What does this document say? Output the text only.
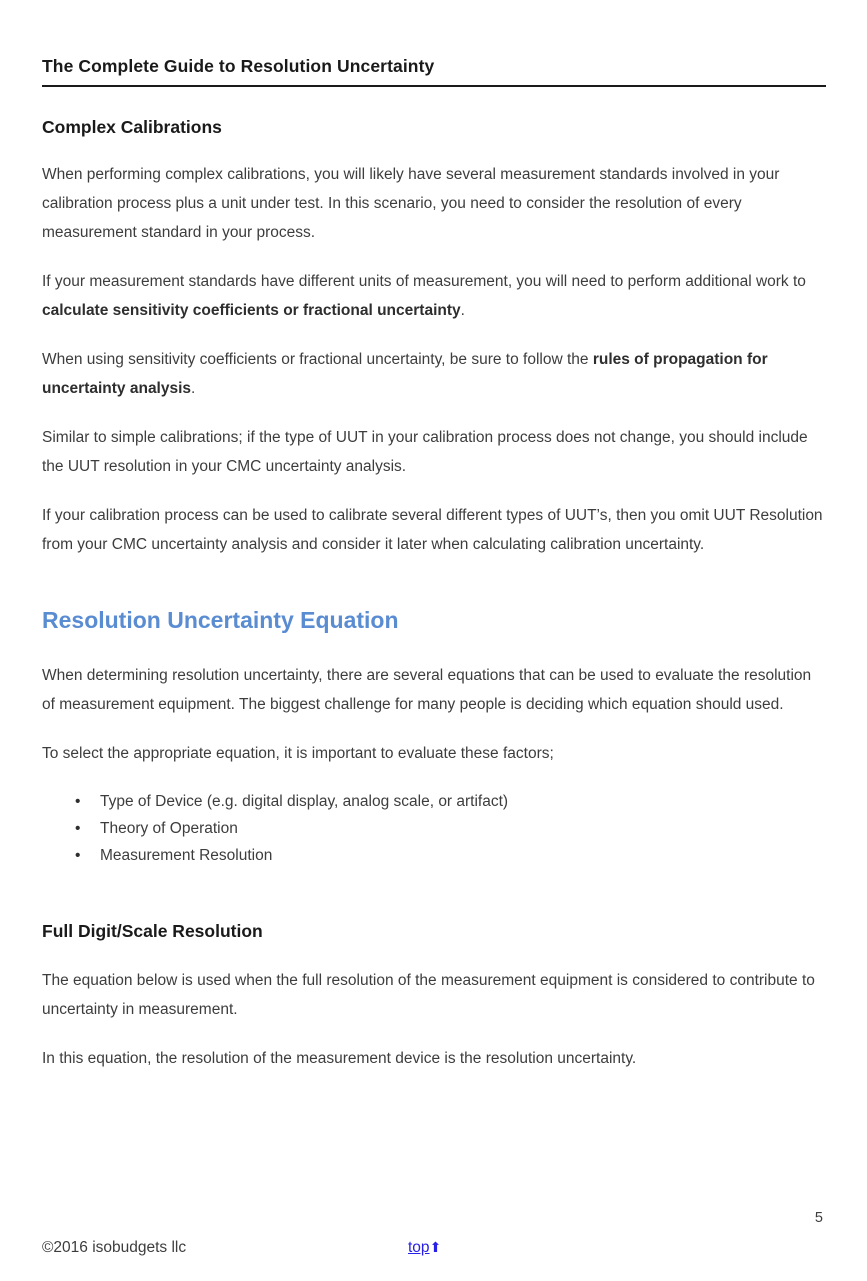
The Complete Guide to Resolution Uncertainty
Complex Calibrations

When performing complex calibrations, you will likely have several measurement standards involved in your calibration process plus a unit under test. In this scenario, you need to consider the resolution of every measurement standard in your process.

If your measurement standards have different units of measurement, you will need to perform additional work to calculate sensitivity coefficients or fractional uncertainty.

When using sensitivity coefficients or fractional uncertainty, be sure to follow the rules of propagation for uncertainty analysis.

Similar to simple calibrations; if the type of UUT in your calibration process does not change, you should include the UUT resolution in your CMC uncertainty analysis.

If your calibration process can be used to calibrate several different types of UUT’s, then you omit UUT Resolution from your CMC uncertainty analysis and consider it later when calculating calibration uncertainty.

Resolution Uncertainty Equation

When determining resolution uncertainty, there are several equations that can be used to evaluate the resolution of measurement equipment. The biggest challenge for many people is deciding which equation should used.

To select the appropriate equation, it is important to evaluate these factors;

• Type of Device (e.g. digital display, analog scale, or artifact)
• Theory of Operation
• Measurement Resolution
Full Digit/Scale Resolution

The equation below is used when the full resolution of the measurement equipment is considered to contribute to uncertainty in measurement.

In this equation, the resolution of the measurement device is the resolution uncertainty.

5
©2016 isobudgets llc	top⬆
